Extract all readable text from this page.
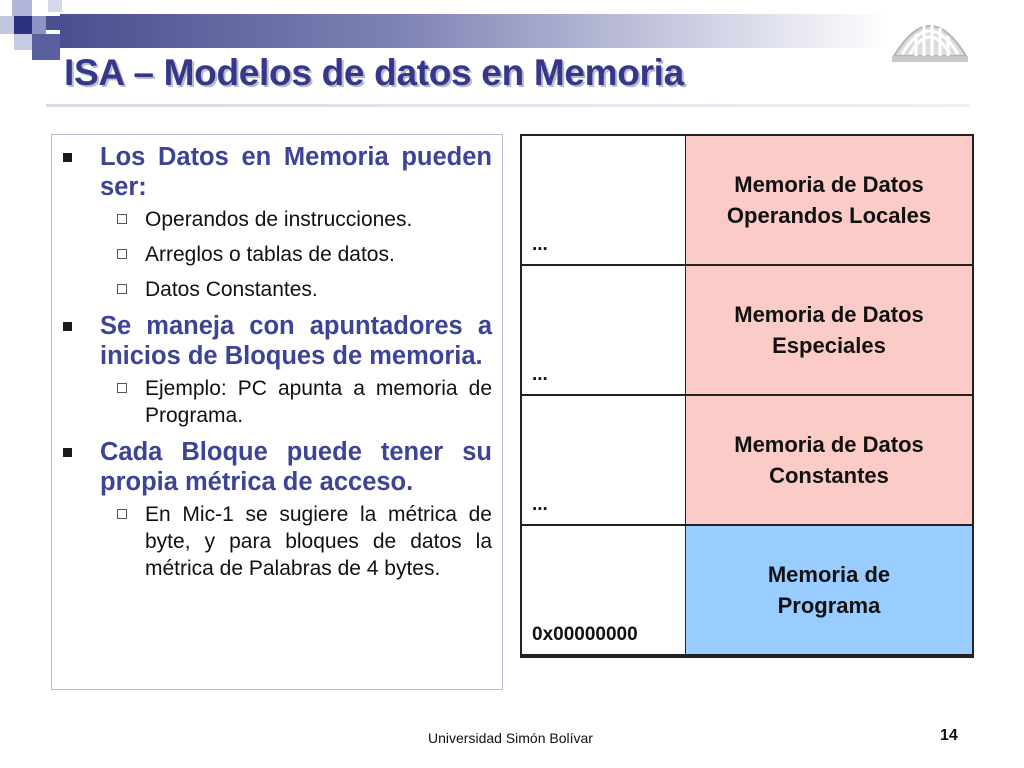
ISA – Modelos de datos en Memoria
Los Datos en Memoria pueden ser:
Operandos de instrucciones.
Arreglos o tablas de datos.
Datos Constantes.
Se maneja con apuntadores a inicios de Bloques de memoria.
Ejemplo: PC apunta a memoria de Programa.
Cada Bloque puede tener su propia métrica de acceso.
En Mic-1 se sugiere la métrica de byte, y para bloques de datos la métrica de Palabras de 4 bytes.
...
Memoria de Datos
Operandos Locales
...
Memoria de Datos
Especiales
...
Memoria de Datos
Constantes
0x00000000
Memoria de
Programa
Universidad Simón Bolívar	14
